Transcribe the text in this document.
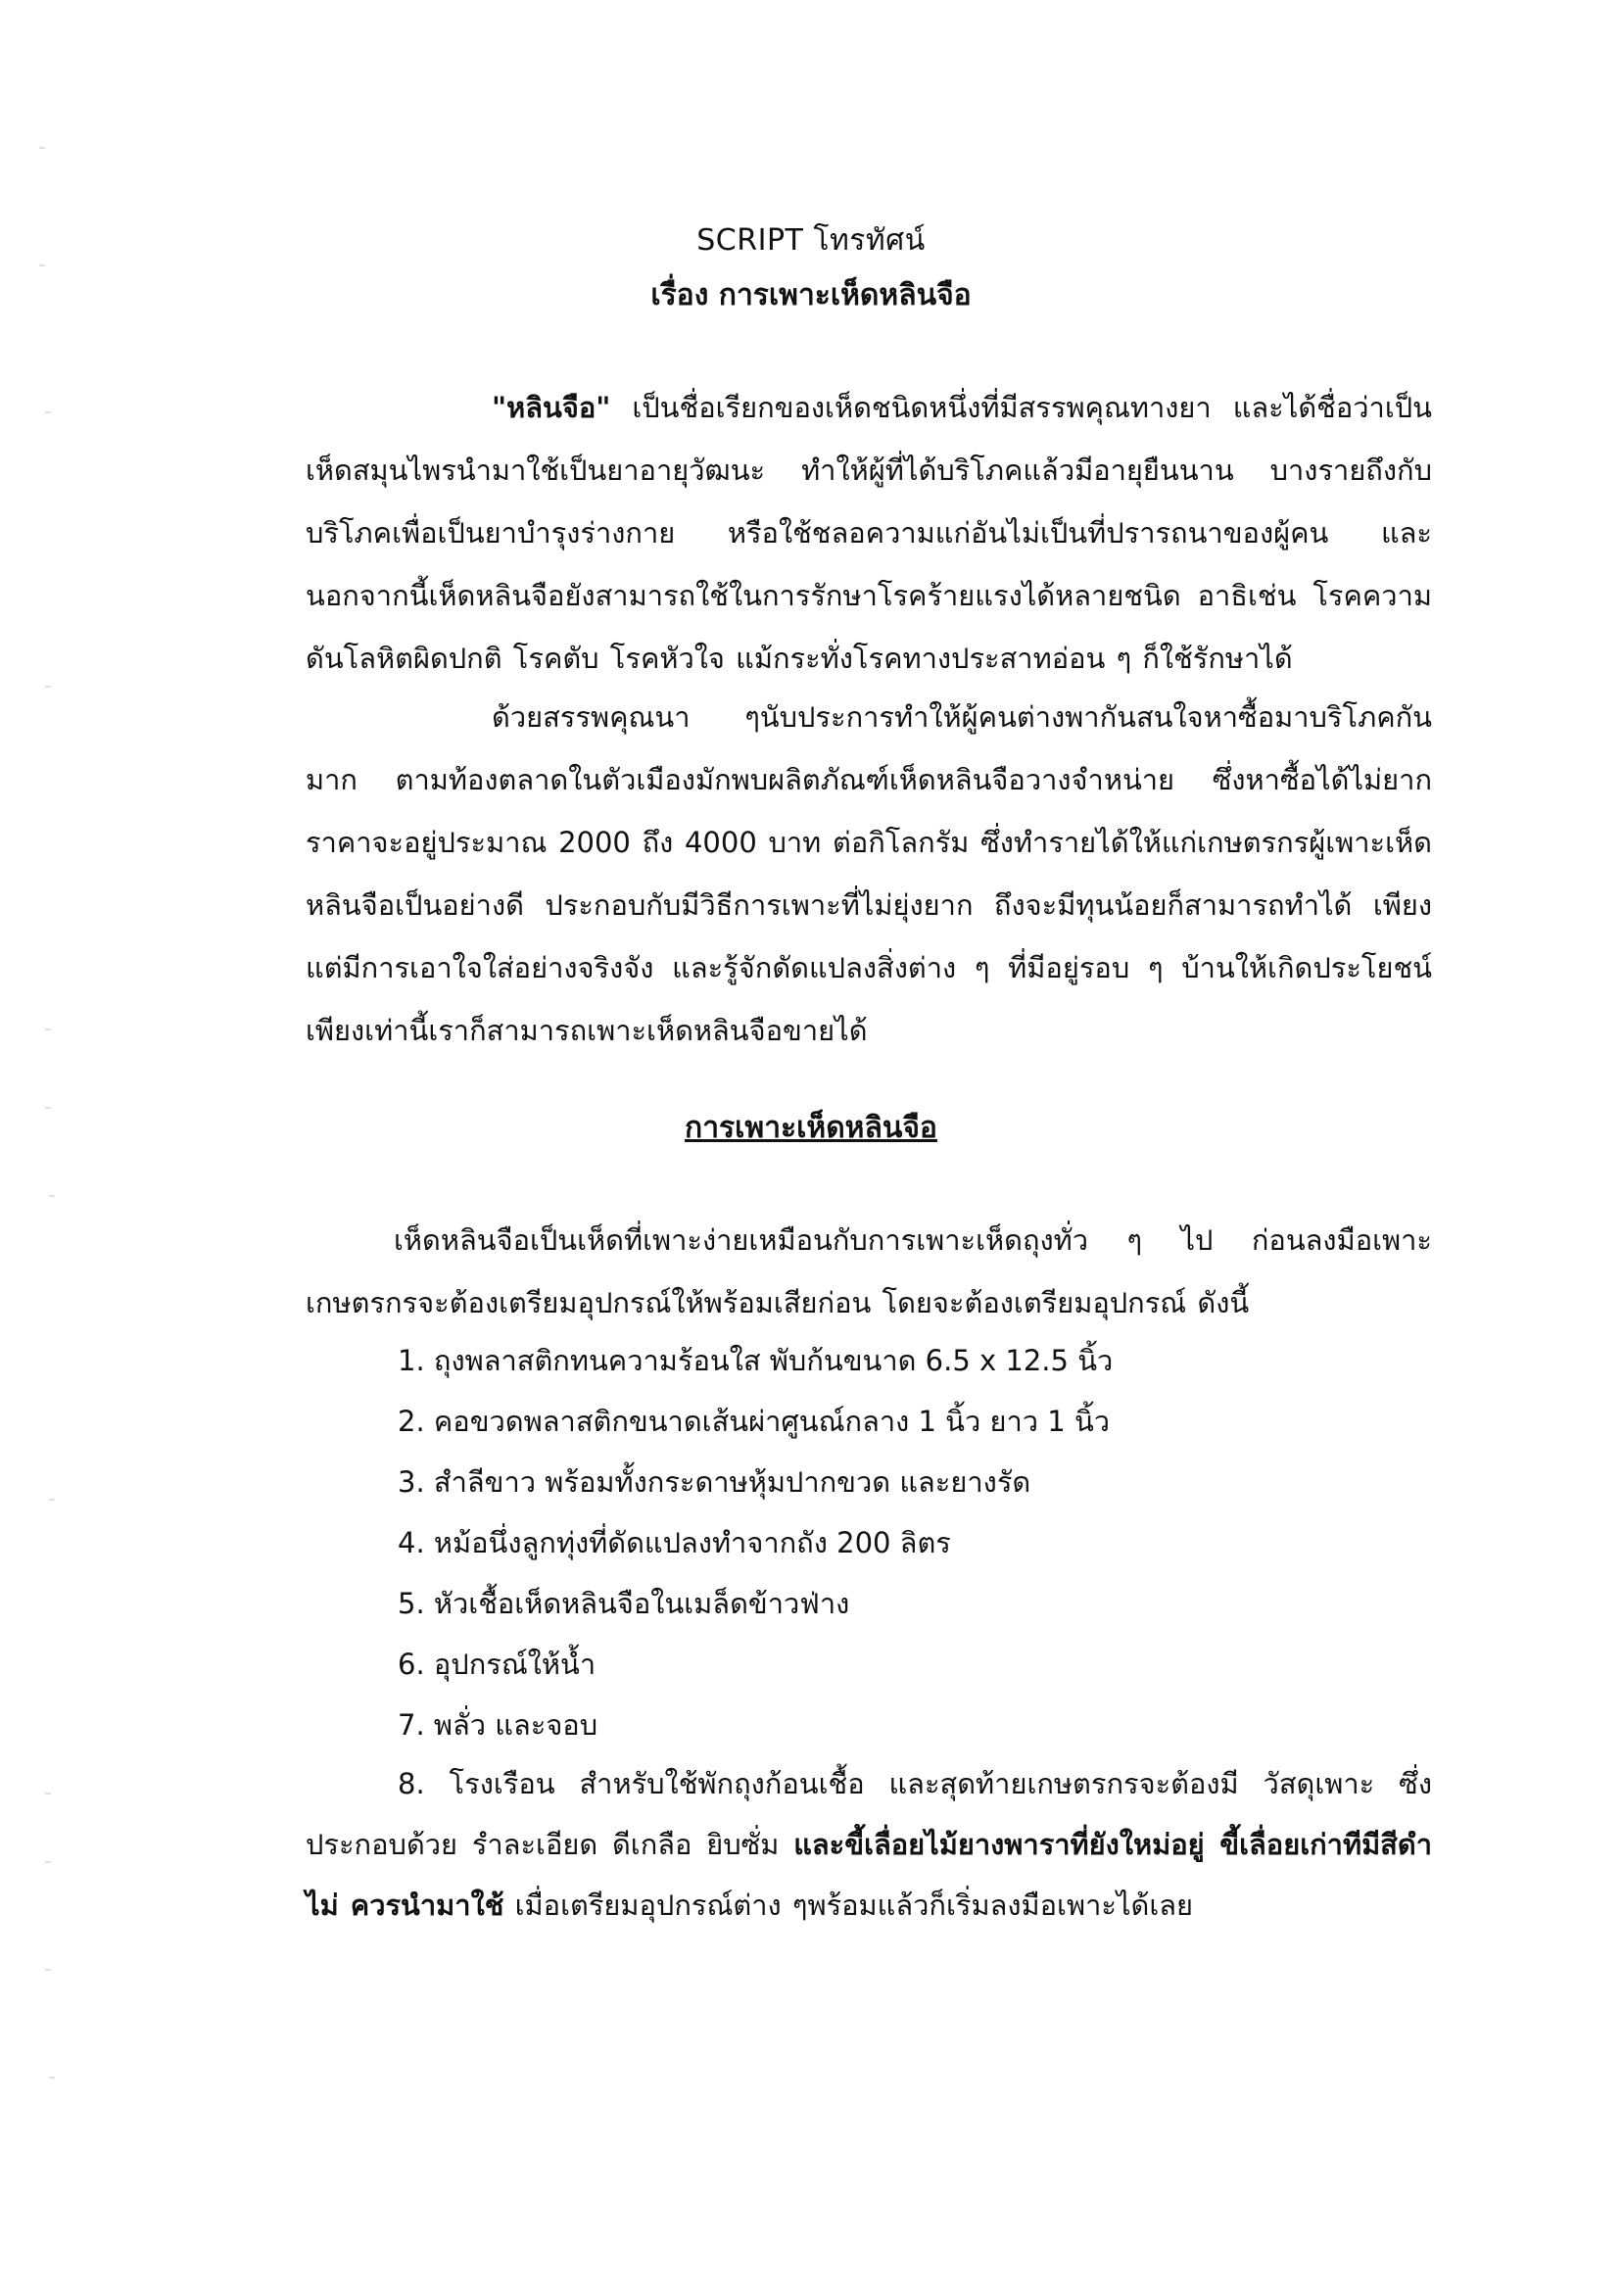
SCRIPT โทรทัศน์
เรื่อง การเพาะเห็ดหลินจือ
"หลินจือ" เป็นชื่อเรียกของเห็ดชนิดหนึ่งที่มีสรรพคุณทางยา และได้ชื่อว่าเป็นเห็ดสมุนไพรนำมาใช้เป็นยาอายุวัฒนะ ทำให้ผู้ที่ได้บริโภคแล้วมีอายุยืนนาน บางรายถึงกับบริโภคเพื่อเป็นยาบำรุงร่างกาย หรือใช้ชลอความแก่อันไม่เป็นที่ปรารถนาของผู้คน และนอกจากนี้เห็ดหลินจือยังสามารถใช้ในการรักษาโรคร้ายแรงได้หลายชนิด อาธิเช่น โรคความดันโลหิตผิดปกติ โรคตับ โรคหัวใจ แม้กระทั่งโรคทางประสาทอ่อน ๆ ก็ใช้รักษาได้
ด้วยสรรพคุณนา ๆนับประการทำให้ผู้คนต่างพากันสนใจหาซื้อมาบริโภคกันมาก ตามท้องตลาดในตัวเมืองมักพบผลิตภัณฑ์เห็ดหลินจือวางจำหน่าย ซึ่งหาซื้อได้ไม่ยาก ราคาจะอยู่ประมาณ 2000 ถึง 4000 บาท ต่อกิโลกรัม ซึ่งทำรายได้ให้แก่เกษตรกรผู้เพาะเห็ดหลินจือเป็นอย่างดี ประกอบกับมีวิธีการเพาะที่ไม่ยุ่งยาก ถึงจะมีทุนน้อยก็สามารถทำได้ เพียงแต่มีการเอาใจใส่อย่างจริงจัง และรู้จักดัดแปลงสิ่งต่าง ๆ ที่มีอยู่รอบ ๆ บ้านให้เกิดประโยชน์เพียงเท่านี้เราก็สามารถเพาะเห็ดหลินจือขายได้
การเพาะเห็ดหลินจือ
เห็ดหลินจือเป็นเห็ดที่เพาะง่ายเหมือนกับการเพาะเห็ดถุงทั่ว ๆ ไป ก่อนลงมือเพาะเกษตรกรจะต้องเตรียมอุปกรณ์ให้พร้อมเสียก่อน โดยจะต้องเตรียมอุปกรณ์ ดังนี้
1. ถุงพลาสติกทนความร้อนใส พับก้นขนาด 6.5 x 12.5 นิ้ว
2. คอขวดพลาสติกขนาดเส้นผ่าศูนณ์กลาง 1 นิ้ว ยาว 1 นิ้ว
3. สำลีขาว พร้อมทั้งกระดาษหุ้มปากขวด และยางรัด
4. หม้อนึ่งลูกทุ่งที่ดัดแปลงทำจากถัง 200 ลิตร
5. หัวเชื้อเห็ดหลินจือในเมล็ดข้าวฟ่าง
6. อุปกรณ์ให้น้ำ
7. พลั่ว และจอบ
8. โรงเรือน สำหรับใช้พักถุงก้อนเชื้อ และสุดท้ายเกษตรกรจะต้องมี วัสดุเพาะ ซึ่งประกอบด้วย รำละเอียด ดีเกลือ ยิบซั่ม และขี้เลื่อยไม้ยางพาราที่ยังใหม่อยู่ ขี้เลื่อยเก่าทีมีสีดำไม่ ควรนำมาใช้ เมื่อเตรียมอุปกรณ์ต่าง ๆพร้อมแล้วก็เริ่มลงมือเพาะได้เลย
